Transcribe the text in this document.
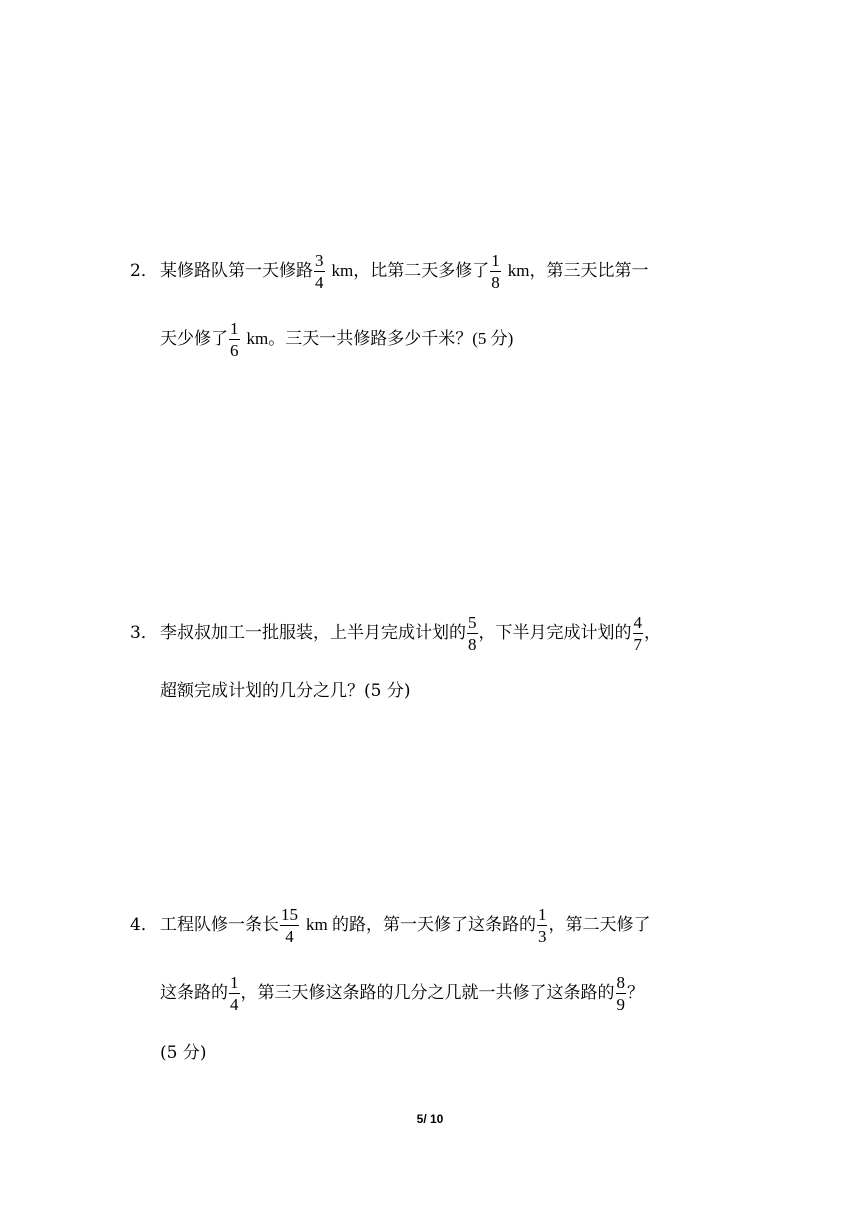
2． 某修路队第一天修路 $\frac{3}{4}$ km，比第二天多修了 $\frac{1}{8}$ km，第三天比第一
天少修了 $\frac{1}{6}$ km。三天一共修路多少千米？(5 分)
3． 李叔叔加工一批服装，上半月完成计划的 $\frac{5}{8}$ ，下半月完成计划的 $\frac{4}{7}$ ，
超额完成计划的几分之几？(5 分)
4． 工程队修一条长 $\frac{15}{4}$ km 的路，第一天修了这条路的 $\frac{1}{3}$ ，第二天修了
这条路的 $\frac{1}{4}$ ，第三天修这条路的几分之几就一共修了这条路的 $\frac{8}{9}$ ？
(5 分)
5/ 10
